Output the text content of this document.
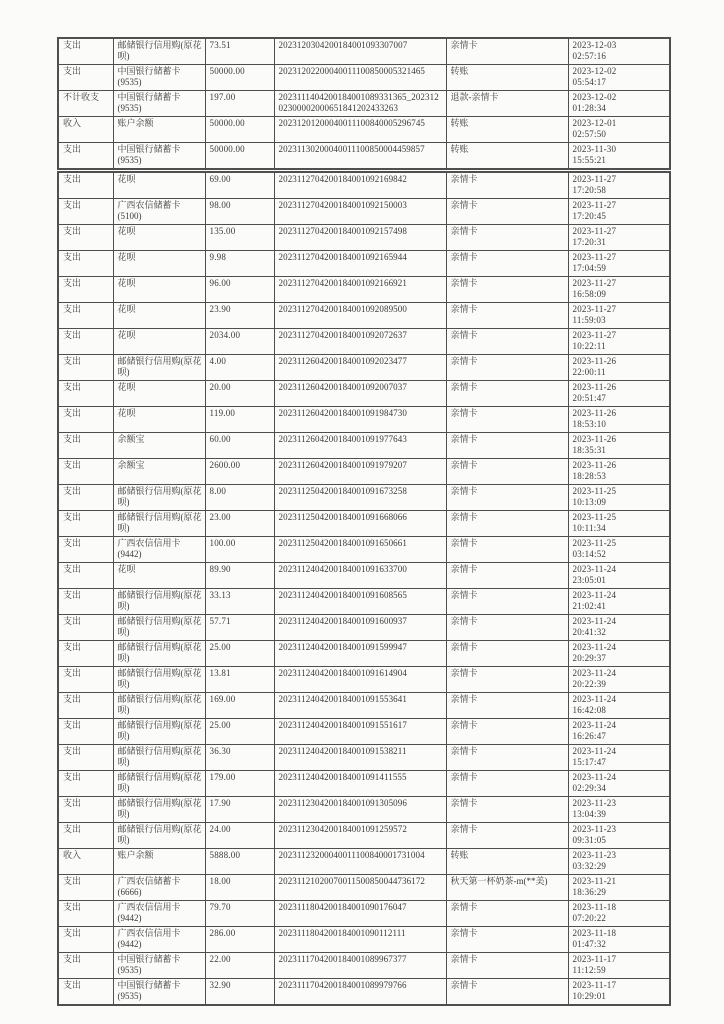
支出	邮储银行信用购(原花呗)	73.51	2023120304200184001093307007	亲情卡	2023-12-03
02:57:16

支出	中国银行储蓄卡(9535)	50000.00	20231202200040011100850005321465	转账	2023-12-02
05:54:17

不计收支	中国银行储蓄卡(9535)	197.00	2023111404200184001089331365_20231202300002000651841202433263	退款-亲情卡	2023-12-02
01:28:34

收入	账户余额	50000.00	20231201200040011100840005296745	转账	2023-12-01
02:57:50

支出	中国银行储蓄卡(9535)	50000.00	20231130200040011100850004459857	转账	2023-11-30
15:55:21
支出	花呗	69.00	2023112704200184001092169842	亲情卡	2023-11-27
17:20:58

支出	广西农信储蓄卡(5100)	98.00	2023112704200184001092150003	亲情卡	2023-11-27
17:20:45

支出	花呗	135.00	2023112704200184001092157498	亲情卡	2023-11-27
17:20:31

支出	花呗	9.98	2023112704200184001092165944	亲情卡	2023-11-27
17:04:59

支出	花呗	96.00	2023112704200184001092166921	亲情卡	2023-11-27
16:58:09

支出	花呗	23.90	2023112704200184001092089500	亲情卡	2023-11-27
11:59:03

支出	花呗	2034.00	2023112704200184001092072637	亲情卡	2023-11-27
10:22:11

支出	邮储银行信用购(原花呗)	4.00	2023112604200184001092023477	亲情卡	2023-11-26
22:00:11

支出	花呗	20.00	2023112604200184001092007037	亲情卡	2023-11-26
20:51:47

支出	花呗	119.00	2023112604200184001091984730	亲情卡	2023-11-26
18:53:10

支出	余额宝	60.00	2023112604200184001091977643	亲情卡	2023-11-26
18:35:31

支出	余额宝	2600.00	2023112604200184001091979207	亲情卡	2023-11-26
18:28:53

支出	邮储银行信用购(原花呗)	8.00	2023112504200184001091673258	亲情卡	2023-11-25
10:13:09

支出	邮储银行信用购(原花呗)	23.00	2023112504200184001091668066	亲情卡	2023-11-25
10:11:34

支出	广西农信信用卡(9442)	100.00	2023112504200184001091650661	亲情卡	2023-11-25
03:14:52

支出	花呗	89.90	2023112404200184001091633700	亲情卡	2023-11-24
23:05:01

支出	邮储银行信用购(原花呗)	33.13	2023112404200184001091608565	亲情卡	2023-11-24
21:02:41

支出	邮储银行信用购(原花呗)	57.71	2023112404200184001091600937	亲情卡	2023-11-24
20:41:32

支出	邮储银行信用购(原花呗)	25.00	2023112404200184001091599947	亲情卡	2023-11-24
20:29:37

支出	邮储银行信用购(原花呗)	13.81	2023112404200184001091614904	亲情卡	2023-11-24
20:22:39

支出	邮储银行信用购(原花呗)	169.00	2023112404200184001091553641	亲情卡	2023-11-24
16:42:08

支出	邮储银行信用购(原花呗)	25.00	2023112404200184001091551617	亲情卡	2023-11-24
16:26:47

支出	邮储银行信用购(原花呗)	36.30	2023112404200184001091538211	亲情卡	2023-11-24
15:17:47

支出	邮储银行信用购(原花呗)	179.00	2023112404200184001091411555	亲情卡	2023-11-24
02:29:34

支出	邮储银行信用购(原花呗)	17.90	2023112304200184001091305096	亲情卡	2023-11-23
13:04:39

支出	邮储银行信用购(原花呗)	24.00	2023112304200184001091259572	亲情卡	2023-11-23
09:31:05

收入	账户余额	5888.00	20231123200040011100840001731004	转账	2023-11-23
03:32:29

支出	广西农信储蓄卡(6666)	18.00	20231121020070011500850044736172	秋天第一杯奶茶-m(**美)	2023-11-21
18:36:29

支出	广西农信信用卡(9442)	79.70	2023111804200184001090176047	亲情卡	2023-11-18
07:20:22

支出	广西农信信用卡(9442)	286.00	2023111804200184001090112111	亲情卡	2023-11-18
01:47:32

支出	中国银行储蓄卡(9535)	22.00	2023111704200184001089967377	亲情卡	2023-11-17
11:12:59

支出	中国银行储蓄卡(9535)	32.90	2023111704200184001089979766	亲情卡	2023-11-17
10:29:01
